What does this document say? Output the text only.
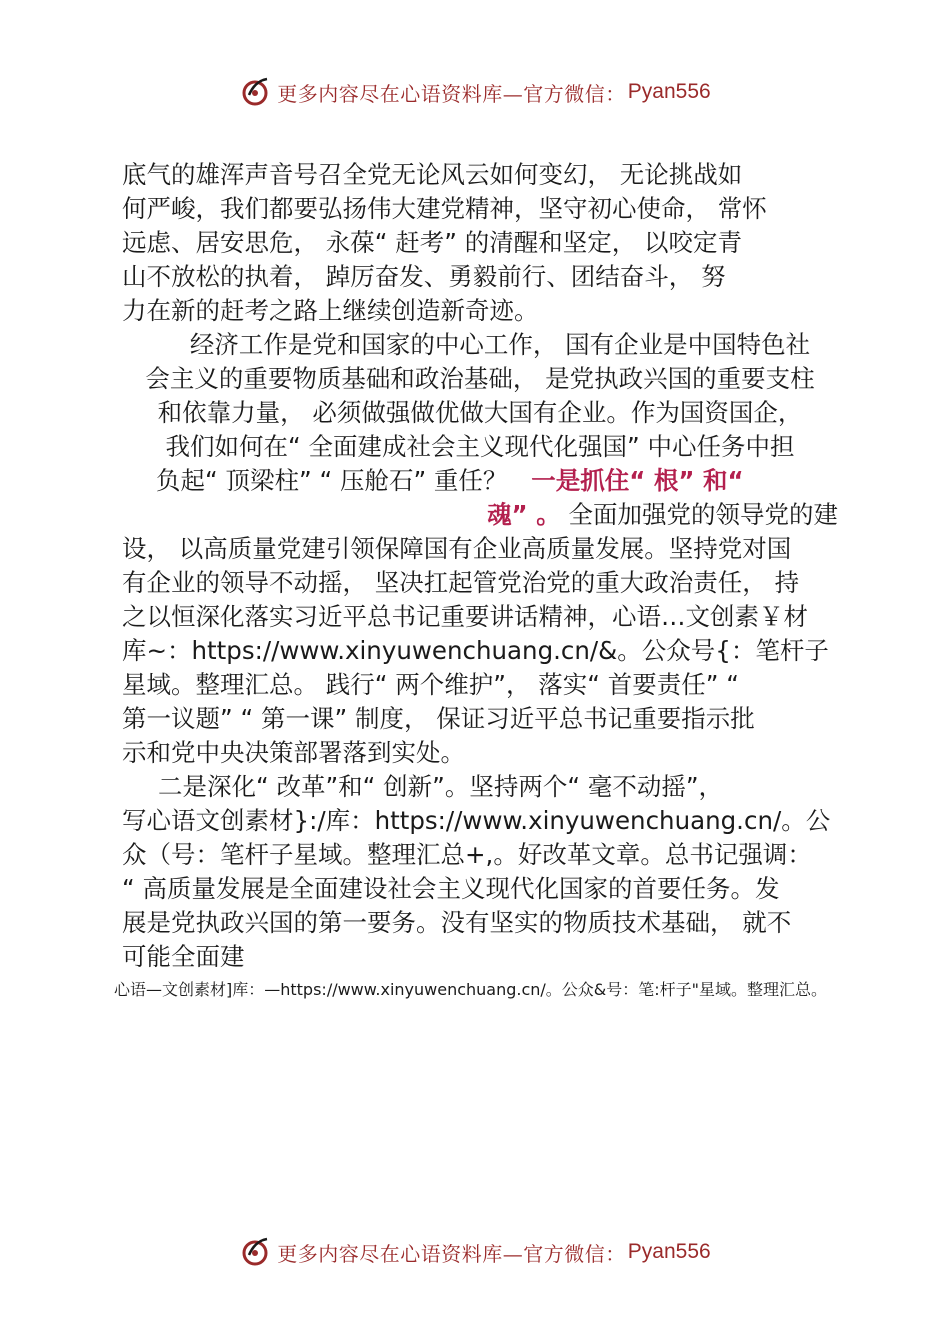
更多内容尽在心语资料库—官方微信： Pyan556
底气的雄浑声音号召全党无论风云如何变幻， 无论挑战如
何严峻，我们都要弘扬伟大建党精神，坚守初心使命， 常怀
远虑、居安思危， 永葆“ 赶考” 的清醒和坚定， 以咬定青
山不放松的执着， 踔厉奋发、勇毅前行、团结奋斗， 努
力在新的赶考之路上继续创造新奇迹。
经济工作是党和国家的中心工作， 国有企业是中国特色社
会主义的重要物质基础和政治基础， 是党执政兴国的重要支柱
和依靠力量， 必须做强做优做大国有企业。作为国资国企，
我们如何在“ 全面建成社会主义现代化强国” 中心任务中担
负起“ 顶梁柱” “ 压舱石” 重任？ 一是抓住“ 根” 和“
魂” 。 全面加强党的领导党的建
设， 以高质量党建引领保障国有企业高质量发展。坚持党对国
有企业的领导不动摇， 坚决扛起管党治党的重大政治责任， 持
之以恒深化落实习近平总书记重要讲话精神，心语…文创素￥材
库~：https://www.xinyuwenchuang.cn/&。公众号{：笔杆子
星域。整理汇总。 践行“ 两个维护”， 落实“ 首要责任” “
第一议题” “ 第一课” 制度， 保证习近平总书记重要指示批
示和党中央决策部署落到实处。
二是深化“ 改革”和“ 创新”。坚持两个“ 毫不动摇”，
写心语文创素材}:/库：https://www.xinyuwenchuang.cn/。公
众（号：笔杆子星域。整理汇总+,。好改革文章。总书记强调：
“ 高质量发展是全面建设社会主义现代化国家的首要任务。发
展是党执政兴国的第一要务。没有坚实的物质技术基础， 就不
可能全面建
心语—文创素材]库：—https://www.xinyuwenchuang.cn/。公众&号：笔:杆子"星域。整理汇总。
更多内容尽在心语资料库—官方微信： Pyan556
